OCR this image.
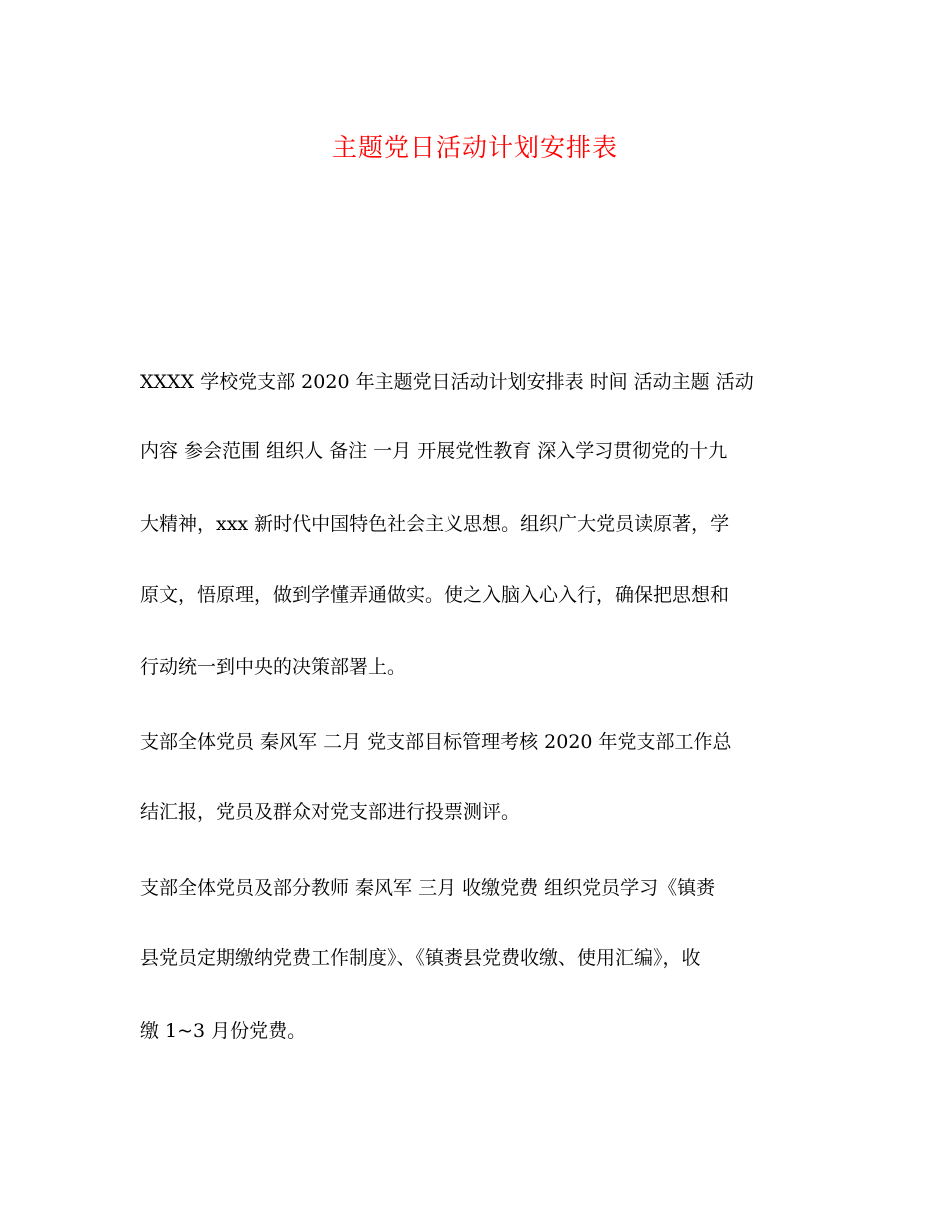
主题党日活动计划安排表
XXXX 学校党支部 2020 年主题党日活动计划安排表 时间 活动主题 活动
内容 参会范围 组织人 备注 一月 开展党性教育 深入学习贯彻党的十九
大精神，xxx 新时代中国特色社会主义思想。组织广大党员读原著，学
原文，悟原理，做到学懂弄通做实。使之入脑入心入行，确保把思想和
行动统一到中央的决策部署上。
支部全体党员 秦风军 二月 党支部目标管理考核 2020 年党支部工作总
结汇报，党员及群众对党支部进行投票测评。
支部全体党员及部分教师 秦风军 三月 收缴党费 组织党员学习《镇赉
县党员定期缴纳党费工作制度》、《镇赉县党费收缴、使用汇编》，收
缴 1~3 月份党费。
